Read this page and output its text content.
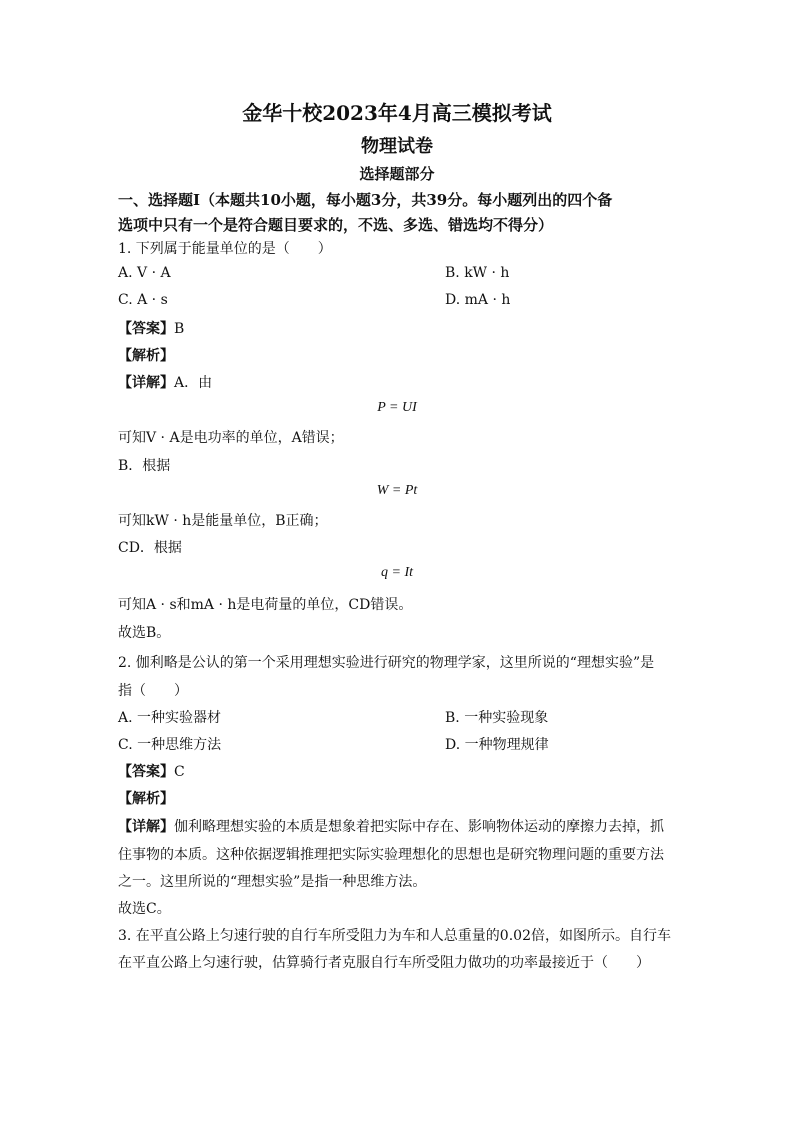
金华十校2023年4月高三模拟考试
物理试卷
选择题部分
一、选择题Ⅰ（本题共10小题，每小题3分，共39分。每小题列出的四个备
选项中只有一个是符合题目要求的，不选、多选、错选均不得分）
1. 下列属于能量单位的是（　　）
A. V · A	B. kW · h
C. A · s	D. mA · h
【答案】B
【解析】
【详解】A．由
P = UI
可知V · A是电功率的单位，A错误；
B．根据
W = Pt
可知kW · h是能量单位，B正确；
CD．根据
q = It
可知A · s和mA · h是电荷量的单位，CD错误。
故选B。
2. 伽利略是公认的第一个采用理想实验进行研究的物理学家，这里所说的“理想实验”是
指（　　）
A. 一种实验器材	B. 一种实验现象
C. 一种思维方法	D. 一种物理规律
【答案】C
【解析】
【详解】伽利略理想实验的本质是想象着把实际中存在、影响物体运动的摩擦力去掉，抓
住事物的本质。这种依据逻辑推理把实际实验理想化的思想也是研究物理问题的重要方法
之一。这里所说的“理想实验”是指一种思维方法。
故选C。
3. 在平直公路上匀速行驶的自行车所受阻力为车和人总重量的0.02倍，如图所示。自行车
在平直公路上匀速行驶，估算骑行者克服自行车所受阻力做功的功率最接近于（　　）
